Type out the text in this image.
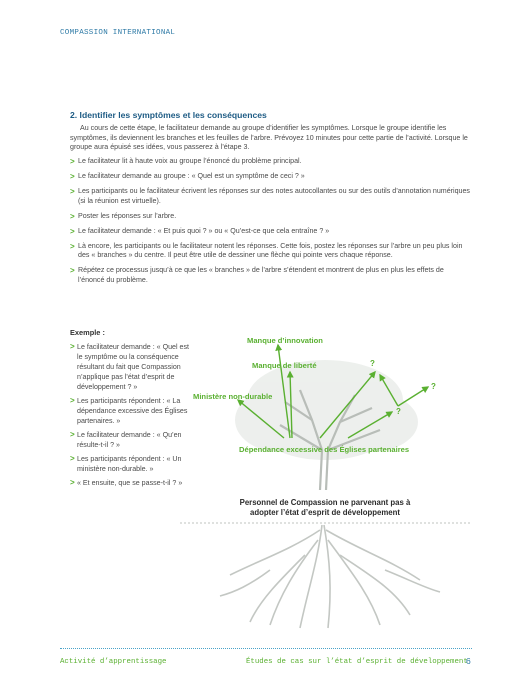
COMPASSION INTERNATIONAL
2. Identifier les symptômes et les conséquences

Au cours de cette étape, le facilitateur demande au groupe d’identifier les symptômes. Lorsque le groupe identifie les symptômes, ils deviennent les branches et les feuilles de l’arbre. Prévoyez 10 minutes pour cette partie de l’activité. Lorsque le groupe aura épuisé ses idées, vous passerez à l’étape 3.

> Le facilitateur lit à haute voix au groupe l’énoncé du problème principal.
> Le facilitateur demande au groupe : « Quel est un symptôme de ceci ? »
> Les participants ou le facilitateur écrivent les réponses sur des notes autocollantes ou sur des outils d’annotation numériques (si la réunion est virtuelle).
> Poster les réponses sur l’arbre.
> Le facilitateur demande : « Et puis quoi ? » ou « Qu’est-ce que cela entraîne ? »
> Là encore, les participants ou le facilitateur notent les réponses. Cette fois, postez les réponses sur l’arbre un peu plus loin des « branches » du centre. Il peut être utile de dessiner une flèche qui pointe vers chaque réponse.
> Répétez ce processus jusqu’à ce que les « branches » de l’arbre s’étendent et montrent de plus en plus les effets de l’énoncé du problème.

Exemple :

> Le facilitateur demande : « Quel est le symptôme ou la conséquence résultant du fait que Compassion n’applique pas l’état d’esprit de développement ? »
> Les participants répondent : « La dépendance excessive des Églises partenaires. »
> Le facilitateur demande : « Qu’en résulte-t-il ? »
> Les participants répondent : « Un ministère non-durable. »
> « Et ensuite, que se passe-t-il ? »
Manque d’innovation
Manque de liberté
Ministère non-durable
?
?
?
Dépendance excessive des Églises partenaires
Personnel de Compassion ne parvenant pas à
adopter l’état d’esprit de développement
Activité d’apprentissage	Études de cas sur l’état d’esprit de développement
6
